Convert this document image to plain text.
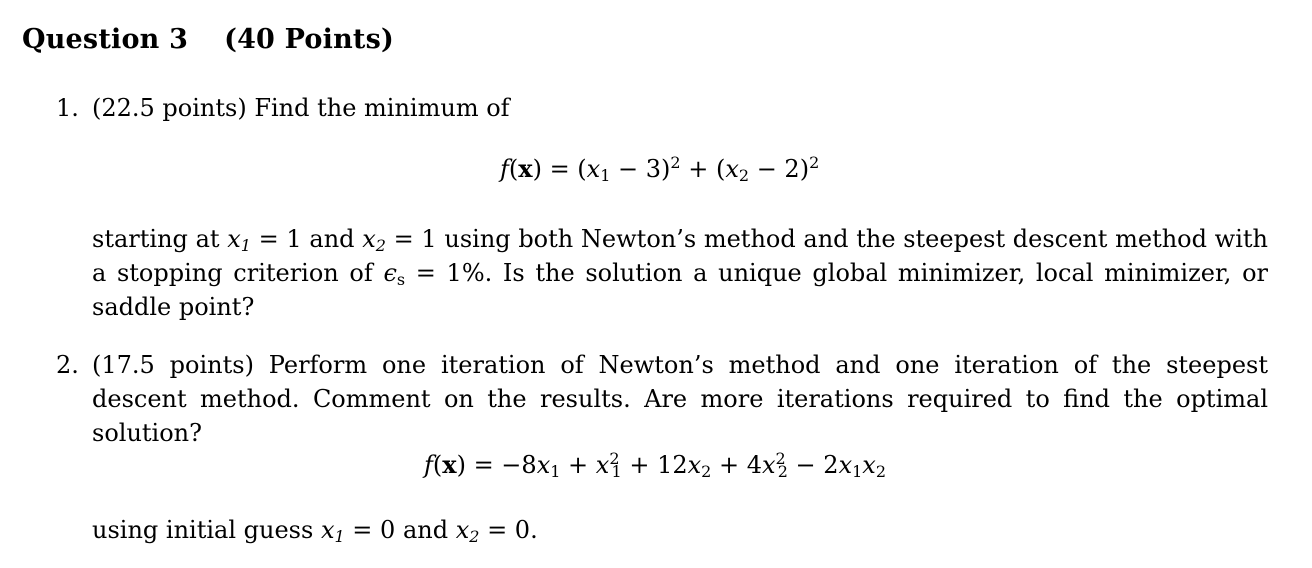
Question 3 (40 Points)
1. (22.5 points) Find the minimum of
$f(x) = (x_1 - 3)^2 + (x_2 - 2)^2$
starting at $x_1 = 1$ and $x_2 = 1$ using both Newton’s method and the steepest descent method with a stopping criterion of $\epsilon_s = 1\%$. Is the solution a unique global minimizer, local minimizer, or saddle point?
2. (17.5 points) Perform one iteration of Newton’s method and one iteration of the steepest descent method. Comment on the results. Are more iterations required to find the optimal solution?
$f(x) = -8x_1 + x^2_1 + 12x_2 + 4x^2_2 - 2x_1x_2$
using initial guess $x_1 = 0$ and $x_2 = 0$.
